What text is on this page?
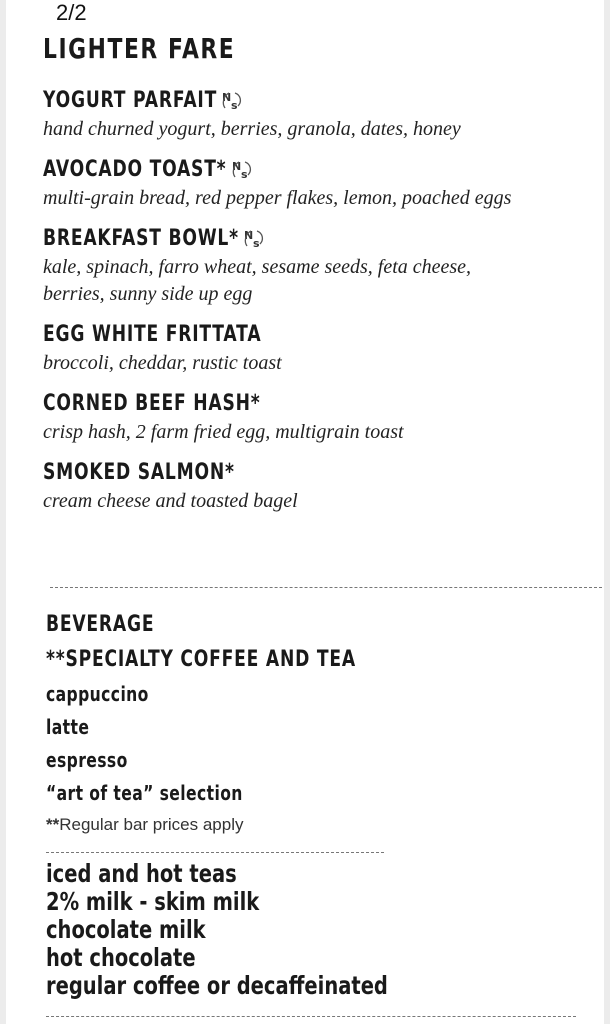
2/2
LIGHTER FARE
YOGURT PARFAIT N
s
hand churned yogurt, berries, granola, dates, honey
AVOCADO TOAST* N
s
multi-grain bread, red pepper flakes, lemon, poached eggs
BREAKFAST BOWL* N
s
kale, spinach, farro wheat, sesame seeds, feta cheese,
berries, sunny side up egg
EGG WHITE FRITTATA
broccoli, cheddar, rustic toast
CORNED BEEF HASH*
crisp hash, 2 farm fried egg, multigrain toast
SMOKED SALMON*
cream cheese and toasted bagel
BEVERAGE
**SPECIALTY COFFEE AND TEA
cappuccino
latte
espresso
“art of tea” selection
**Regular bar prices apply
iced and hot teas
2% milk - skim milk
chocolate milk
hot chocolate
regular coffee or decaffeinated
